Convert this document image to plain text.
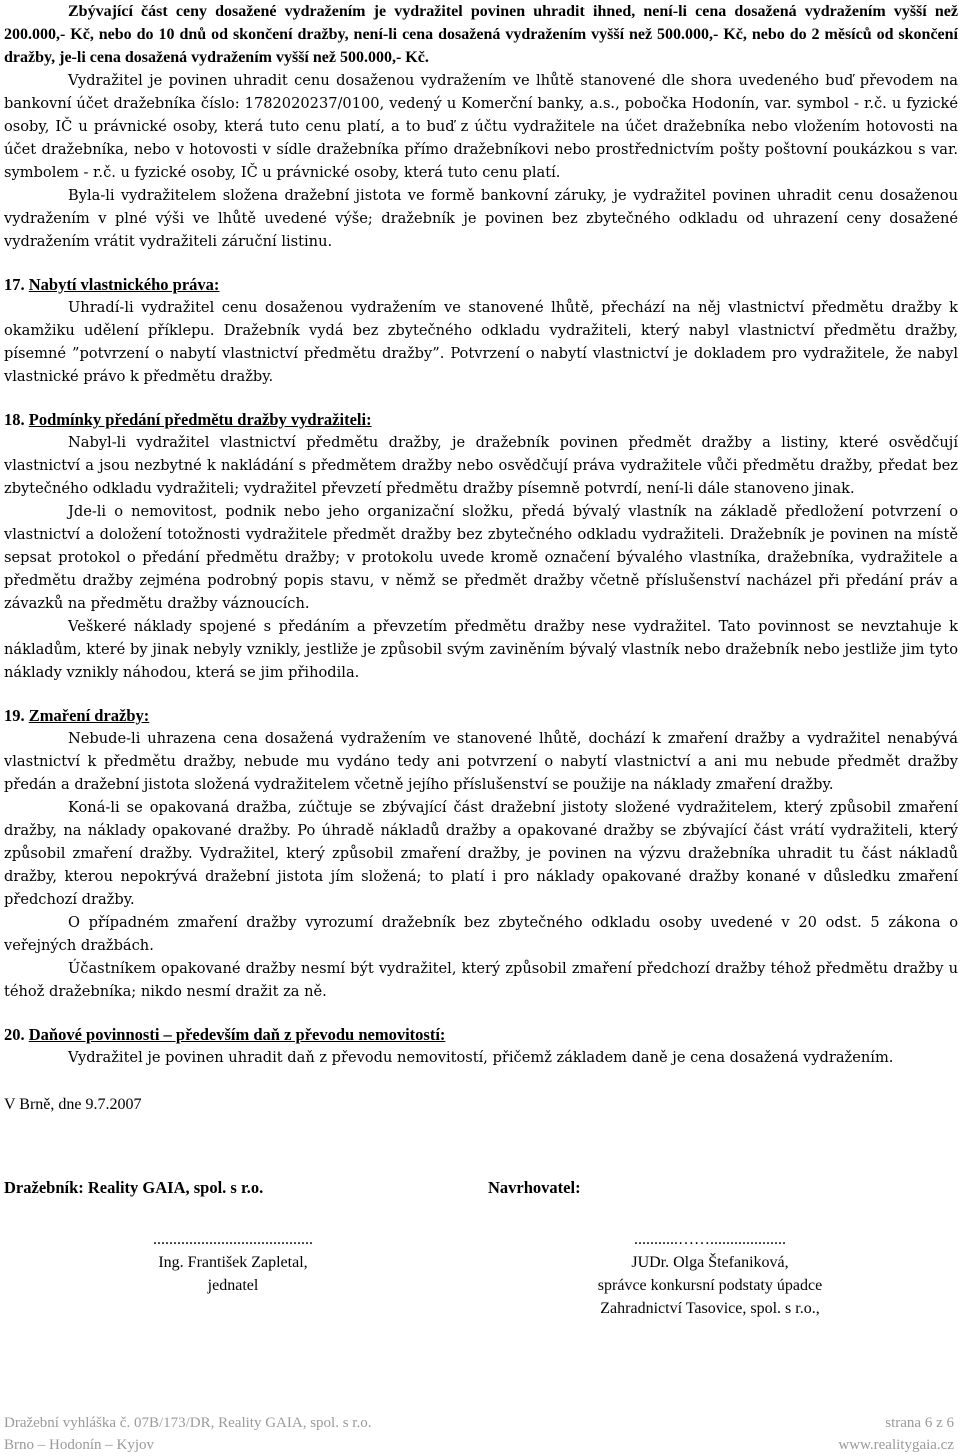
Zbývající část ceny dosažené vydražením je vydražitel povinen uhradit ihned, není-li cena dosažená vydražením vyšší než 200.000,- Kč, nebo do 10 dnů od skončení dražby, není-li cena dosažená vydražením vyšší než 500.000,- Kč, nebo do 2 měsíců od skončení dražby, je-li cena dosažená vydražením vyšší než 500.000,- Kč.

Vydražitel je povinen uhradit cenu dosaženou vydražením ve lhůtě stanovené dle shora uvedeného buď převodem na bankovní účet dražebníka číslo: 1782020237/0100, vedený u Komerční banky, a.s., pobočka Hodonín, var. symbol - r.č. u fyzické osoby, IČ u právnické osoby, která tuto cenu platí, a to buď z účtu vydražitele na účet dražebníka nebo vložením hotovosti na účet dražebníka, nebo v hotovosti v sídle dražebníka přímo dražebníkovi nebo prostřednictvím pošty poštovní poukázkou s var. symbolem - r.č. u fyzické osoby, IČ u právnické osoby, která tuto cenu platí.

Byla-li vydražitelem složena dražební jistota ve formě bankovní záruky, je vydražitel povinen uhradit cenu dosaženou vydražením v plné výši ve lhůtě uvedené výše; dražebník je povinen bez zbytečného odkladu od uhrazení ceny dosažené vydražením vrátit vydražiteli záruční listinu.

17. Nabytí vlastnického práva:

Uhradí-li vydražitel cenu dosaženou vydražením ve stanovené lhůtě, přechází na něj vlastnictví předmětu dražby k okamžiku udělení příklepu. Dražebník vydá bez zbytečného odkladu vydražiteli, který nabyl vlastnictví předmětu dražby, písemné ”potvrzení o nabytí vlastnictví předmětu dražby”. Potvrzení o nabytí vlastnictví je dokladem pro vydražitele, že nabyl vlastnické právo k předmětu dražby.

18. Podmínky předání předmětu dražby vydražiteli:

Nabyl-li vydražitel vlastnictví předmětu dražby, je dražebník povinen předmět dražby a listiny, které osvědčují vlastnictví a jsou nezbytné k nakládání s předmětem dražby nebo osvědčují práva vydražitele vůči předmětu dražby, předat bez zbytečného odkladu vydražiteli; vydražitel převzetí předmětu dražby písemně potvrdí, není-li dále stanoveno jinak.

Jde-li o nemovitost, podnik nebo jeho organizační složku, předá bývalý vlastník na základě předložení potvrzení o vlastnictví a doložení totožnosti vydražitele předmět dražby bez zbytečného odkladu vydražiteli. Dražebník je povinen na místě sepsat protokol o předání předmětu dražby; v protokolu uvede kromě označení bývalého vlastníka, dražebníka, vydražitele a předmětu dražby zejména podrobný popis stavu, v němž se předmět dražby včetně příslušenství nacházel při předání práv a závazků na předmětu dražby váznoucích.

Veškeré náklady spojené s předáním a převzetím předmětu dražby nese vydražitel. Tato povinnost se nevztahuje k nákladům, které by jinak nebyly vznikly, jestliže je způsobil svým zaviněním bývalý vlastník nebo dražebník nebo jestliže jim tyto náklady vznikly náhodou, která se jim přihodila.

19. Zmaření dražby:

Nebude-li uhrazena cena dosažená vydražením ve stanovené lhůtě, dochází k zmaření dražby a vydražitel nenabývá vlastnictví k předmětu dražby, nebude mu vydáno tedy ani potvrzení o nabytí vlastnictví a ani mu nebude předmět dražby předán a dražební jistota složená vydražitelem včetně jejího příslušenství se použije na náklady zmaření dražby.

Koná-li se opakovaná dražba, zúčtuje se zbývající část dražební jistoty složené vydražitelem, který způsobil zmaření dražby, na náklady opakované dražby. Po úhradě nákladů dražby a opakované dražby se zbývající část vrátí vydražiteli, který způsobil zmaření dražby. Vydražitel, který způsobil zmaření dražby, je povinen na výzvu dražebníka uhradit tu část nákladů dražby, kterou nepokrývá dražební jistota jím složená; to platí i pro náklady opakované dražby konané v důsledku zmaření předchozí dražby.

O případném zmaření dražby vyrozumí dražebník bez zbytečného odkladu osoby uvedené v 20 odst. 5 zákona o veřejných dražbách.

Účastníkem opakované dražby nesmí být vydražitel, který způsobil zmaření předchozí dražby téhož předmětu dražby u téhož dražebníka; nikdo nesmí dražit za ně.

20. Daňové povinnosti – především daň z převodu nemovitostí:

Vydražitel je povinen uhradit daň z převodu nemovitostí, přičemž základem daně je cena dosažená vydražením.

V Brně, dne 9.7.2007
Dražebník: Reality GAIA, spol. s r.o.	Navrhovatel:
........................................
Ing. František Zapletal,
jednatel
...........……...................
JUDr. Olga Štefaniková,
správce konkursní podstaty úpadce
Zahradnictví Tasovice, spol. s r.o.,
Dražební vyhláška č. 07B/173/DR, Reality GAIA, spol. s r.o.
Brno – Hodonín – Kyjov
strana 6 z 6
www.realitygaia.cz
